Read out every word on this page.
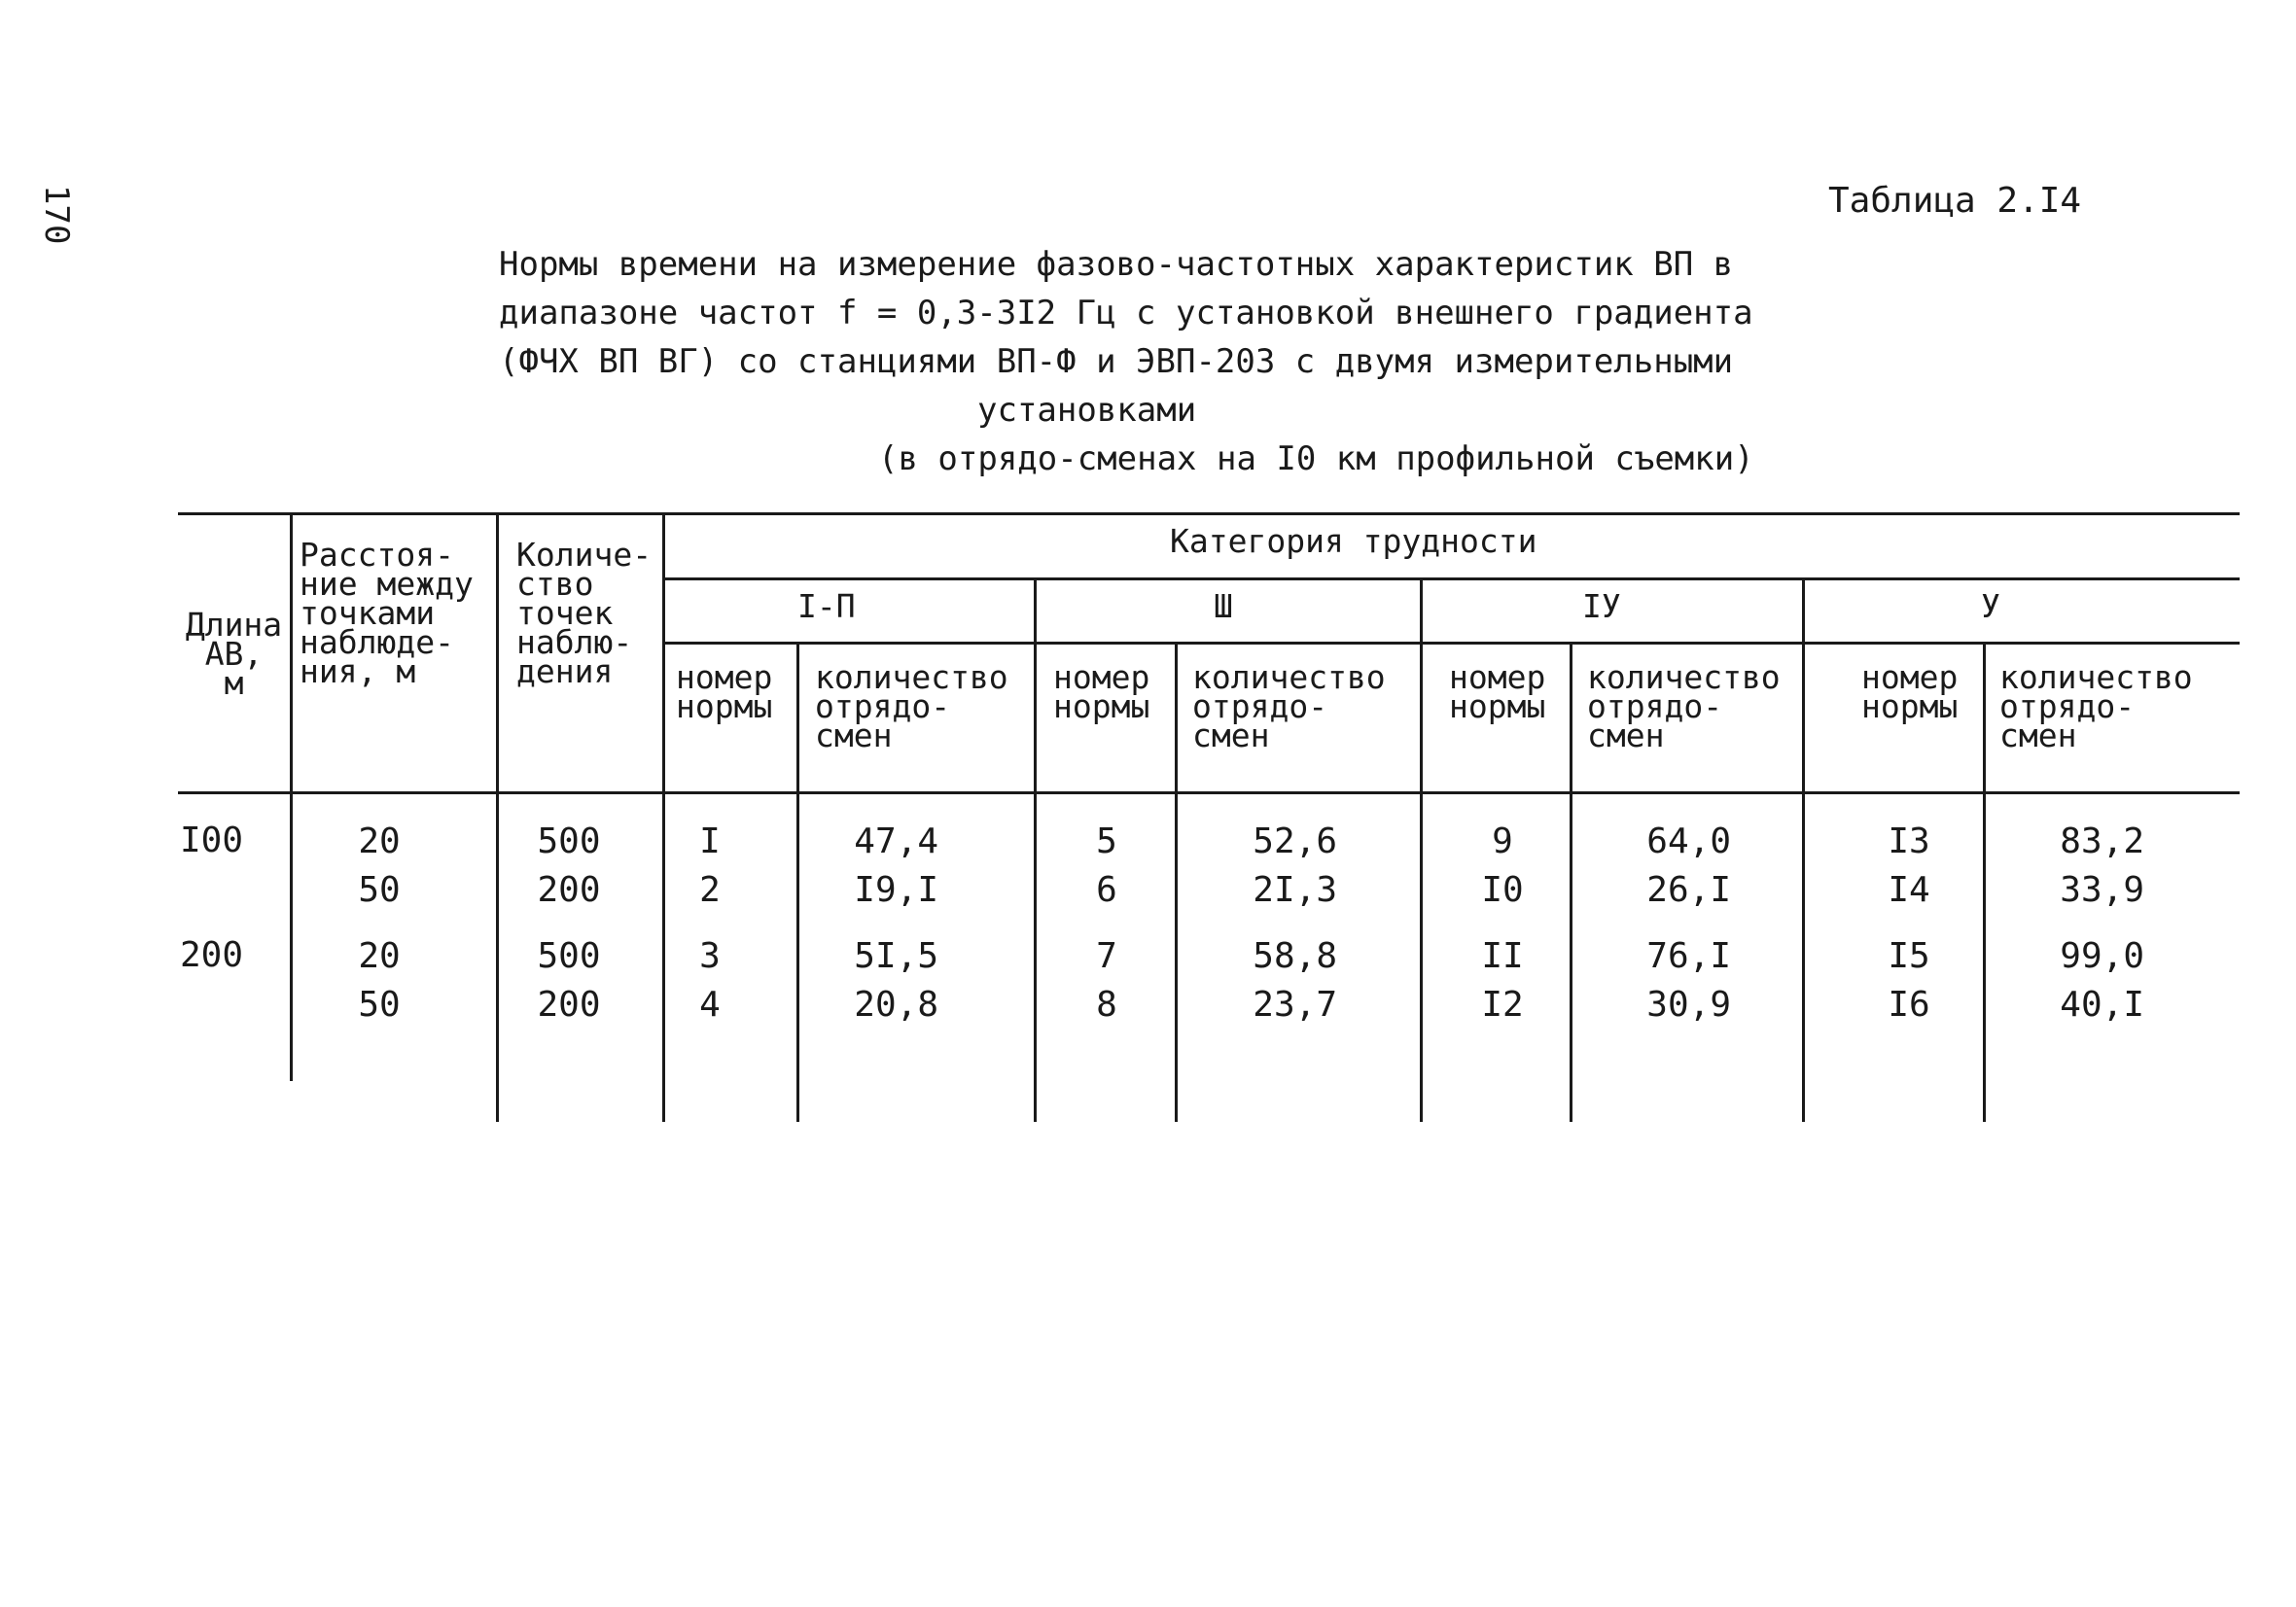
170	Таблица 2.I4
Нормы времени на измерение фазово-частотных характеристик ВП в
диапазоне частот f = 0,3-3I2 Гц с установкой внешнего градиента
(ФЧХ ВП ВГ) со станциями ВП-Ф и ЭВП-203 с двумя измерительными
установками
(в отрядо-сменах на I0 км профильной съемки)
Длина
АВ,
м
Расстоя-
ние между
точками
наблюде-
ния, м
Количе-
ство
точек
наблю-
дения
Категория трудности
I-П	Ш	IУ	У
номер
нормы
количество
отрядо-
смен
номер
нормы
количество
отрядо-
смен
номер
нормы
количество
отрядо-
смен
номер
нормы
количество
отрядо-
смен
I00	20	500	I	47,4	5	52,6	9	64,0	I3	83,2
50	200	2	I9,I	6	2I,3	I0	26,I	I4	33,9
200	20	500	3	5I,5	7	58,8	II	76,I	I5	99,0
50	200	4	20,8	8	23,7	I2	30,9	I6	40,I
